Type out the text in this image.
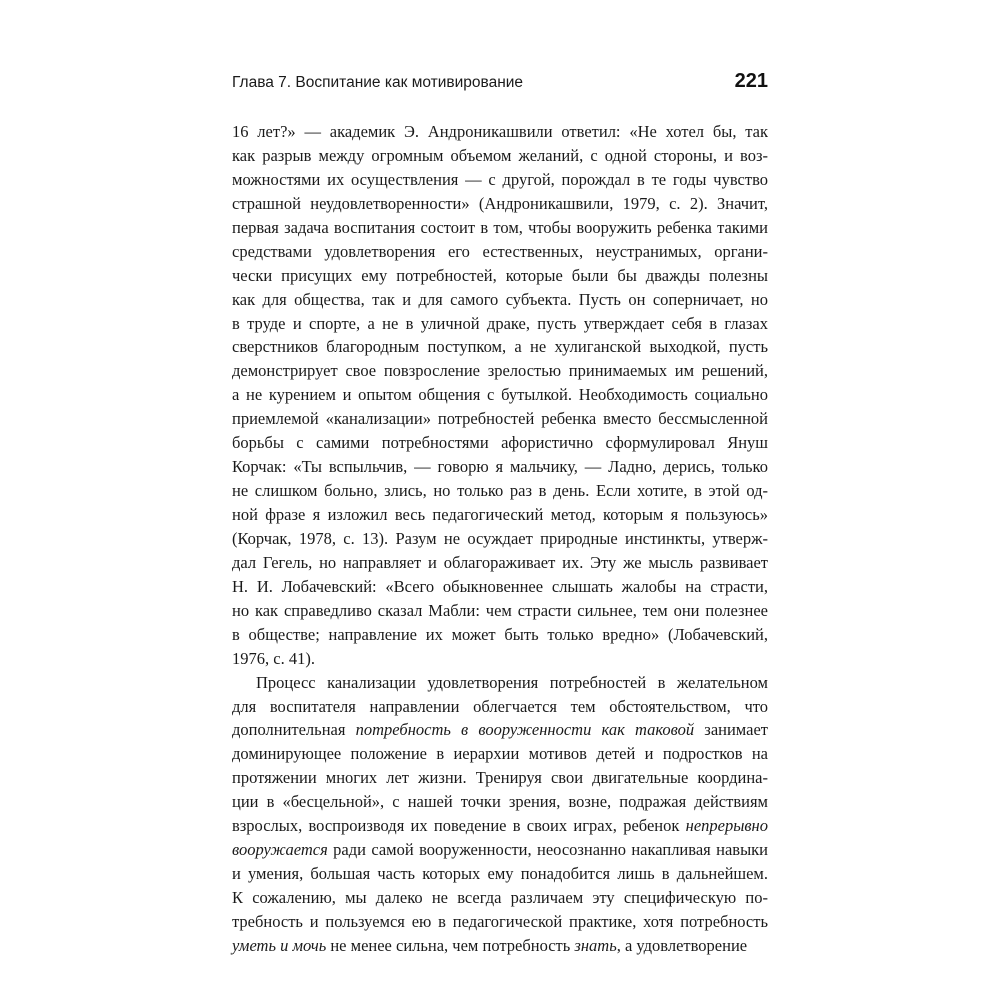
Глава 7. Воспитание как мотивирование	221
16 лет?» — академик Э. Андроникашвили ответил: «Не хотел бы, так
как разрыв между огромным объемом желаний, с одной стороны, и воз-
можностями их осуществления — с другой, порождал в те годы чувство
страшной неудовлетворенности» (Андроникашвили, 1979, с. 2). Значит,
первая задача воспитания состоит в том, чтобы вооружить ребенка такими
средствами удовлетворения его естественных, неустранимых, органи-
чески присущих ему потребностей, которые были бы дважды полезны
как для общества, так и для самого субъекта. Пусть он соперничает, но
в труде и спорте, а не в уличной драке, пусть утверждает себя в глазах
сверстников благородным поступком, а не хулиганской выходкой, пусть
демонстрирует свое повзросление зрелостью принимаемых им решений,
а не курением и опытом общения с бутылкой. Необходимость социально
приемлемой «канализации» потребностей ребенка вместо бессмысленной
борьбы с самими потребностями афористично сформулировал Януш
Корчак: «Ты вспыльчив, — говорю я мальчику, — Ладно, дерись, только
не слишком больно, злись, но только раз в день. Если хотите, в этой од-
ной фразе я изложил весь педагогический метод, которым я пользуюсь»
(Корчак, 1978, с. 13). Разум не осуждает природные инстинкты, утверж-
дал Гегель, но направляет и облагораживает их. Эту же мысль развивает
Н. И. Лобачевский: «Всего обыкновеннее слышать жалобы на страсти,
но как справедливо сказал Мабли: чем страсти сильнее, тем они полезнее
в обществе; направление их может быть только вредно» (Лобачевский,
1976, с. 41).
Процесс канализации удовлетворения потребностей в желательном
для воспитателя направлении облегчается тем обстоятельством, что
дополнительная потребность в вооруженности как таковой занимает
доминирующее положение в иерархии мотивов детей и подростков на
протяжении многих лет жизни. Тренируя свои двигательные координа-
ции в «бесцельной», с нашей точки зрения, возне, подражая действиям
взрослых, воспроизводя их поведение в своих играх, ребенок непрерывно
вооружается ради самой вооруженности, неосознанно накапливая навыки
и умения, большая часть которых ему понадобится лишь в дальнейшем.
К сожалению, мы далеко не всегда различаем эту специфическую по-
требность и пользуемся ею в педагогической практике, хотя потребность
уметь и мочь не менее сильна, чем потребность знать, а удовлетворение
